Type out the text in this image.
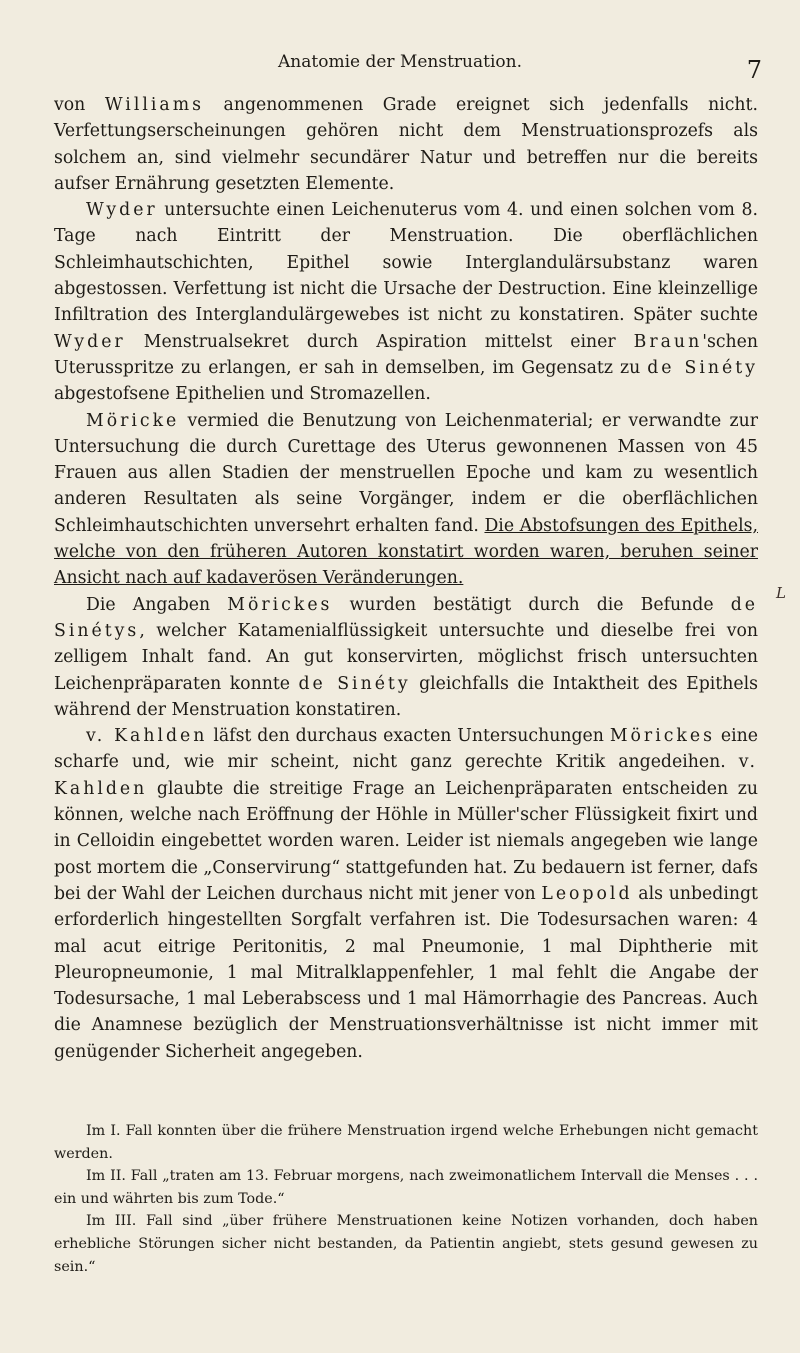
Anatomie der Menstruation.	7
L

von Williams angenommenen Grade ereignet sich jedenfalls nicht. Verfettungserscheinungen gehören nicht dem Menstruationsprozefs als solchem an, sind vielmehr secundärer Natur und betreffen nur die bereits aufser Ernährung gesetzten Elemente.

Wyder untersuchte einen Leichenuterus vom 4. und einen solchen vom 8. Tage nach Eintritt der Menstruation. Die oberflächlichen Schleimhautschichten, Epithel sowie Interglandulärsubstanz waren abgestossen. Verfettung ist nicht die Ursache der Destruction. Eine kleinzellige Infiltration des Interglandulärgewebes ist nicht zu konstatiren. Später suchte Wyder Menstrualsekret durch Aspiration mittelst einer Braun'schen Uterusspritze zu erlangen, er sah in demselben, im Gegensatz zu de Sinéty abgestofsene Epithelien und Stromazellen.

Möricke vermied die Benutzung von Leichenmaterial; er verwandte zur Untersuchung die durch Curettage des Uterus gewonnenen Massen von 45 Frauen aus allen Stadien der menstruellen Epoche und kam zu wesentlich anderen Resultaten als seine Vorgänger, indem er die oberflächlichen Schleimhautschichten unversehrt erhalten fand. Die Abstofsungen des Epithels, welche von den früheren Autoren konstatirt worden waren, beruhen seiner Ansicht nach auf kadaverösen Veränderungen.

Die Angaben Mörickes wurden bestätigt durch die Befunde de Sinétys, welcher Katamenialflüssigkeit untersuchte und dieselbe frei von zelligem Inhalt fand. An gut konservirten, möglichst frisch untersuchten Leichenpräparaten konnte de Sinéty gleichfalls die Intaktheit des Epithels während der Menstruation konstatiren.

v. Kahlden läfst den durchaus exacten Untersuchungen Mörickes eine scharfe und, wie mir scheint, nicht ganz gerechte Kritik angedeihen. v. Kahlden glaubte die streitige Frage an Leichenpräparaten entscheiden zu können, welche nach Eröffnung der Höhle in Müller'scher Flüssigkeit fixirt und in Celloidin eingebettet worden waren. Leider ist niemals angegeben wie lange post mortem die „Conservirung“ stattgefunden hat. Zu bedauern ist ferner, dafs bei der Wahl der Leichen durchaus nicht mit jener von Leopold als unbedingt erforderlich hingestellten Sorgfalt verfahren ist. Die Todesursachen waren: 4 mal acut eitrige Peritonitis, 2 mal Pneumonie, 1 mal Diphtherie mit Pleuropneumonie, 1 mal Mitralklappenfehler, 1 mal fehlt die Angabe der Todesursache, 1 mal Leberabscess und 1 mal Hämorrhagie des Pancreas. Auch die Anamnese bezüglich der Menstruationsverhältnisse ist nicht immer mit genügender Sicherheit angegeben.

Im I. Fall konnten über die frühere Menstruation irgend welche Erhebungen nicht gemacht werden.

Im II. Fall „traten am 13. Februar morgens, nach zweimonatlichem Intervall die Menses . . . ein und währten bis zum Tode.“

Im III. Fall sind „über frühere Menstruationen keine Notizen vorhanden, doch haben erhebliche Störungen sicher nicht bestanden, da Patientin angiebt, stets gesund gewesen zu sein.“
